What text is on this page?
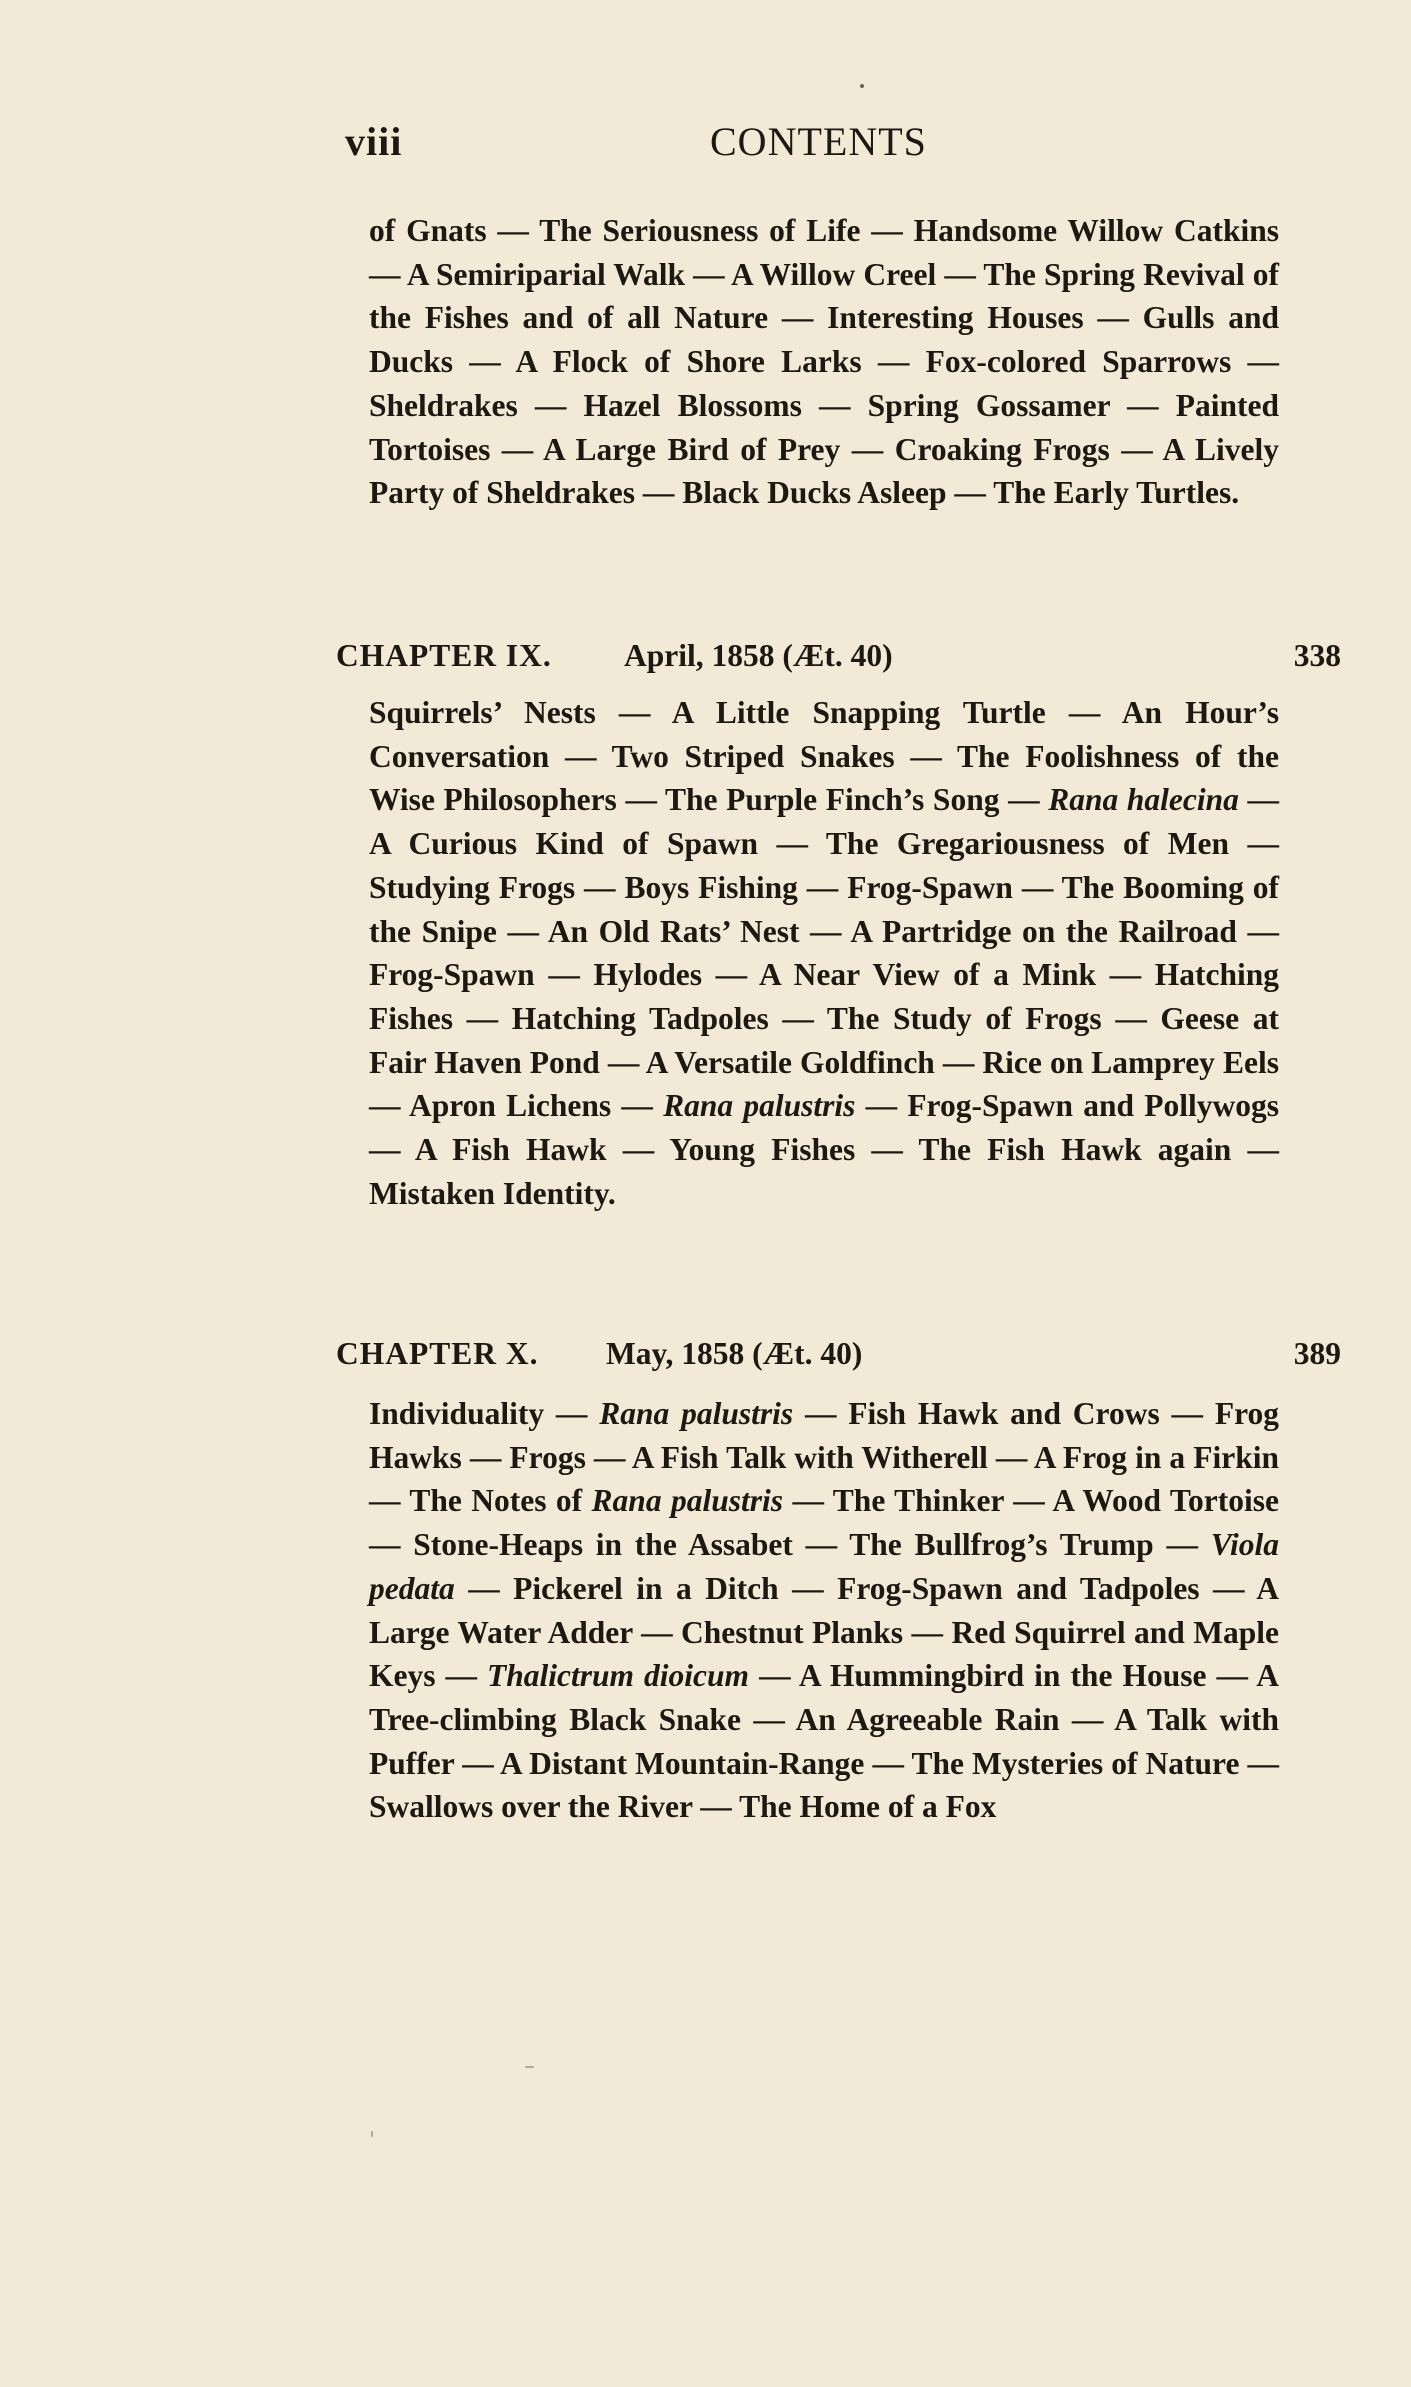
viii	CONTENTS
of Gnats — The Seriousness of Life — Handsome Willow Catkins — A Semiriparial Walk — A Willow Creel — The Spring Revival of the Fishes and of all Nature — Interesting Houses — Gulls and Ducks — A Flock of Shore Larks — Fox-colored Sparrows — Sheldrakes — Hazel Blossoms — Spring Gossamer — Painted Tortoises — A Large Bird of Prey — Croaking Frogs — A Lively Party of Sheldrakes — Black Ducks Asleep — The Early Turtles.
CHAPTER IX. April, 1858 (Æt. 40)	338
Squirrels’ Nests — A Little Snapping Turtle — An Hour’s Conversation — Two Striped Snakes — The Foolishness of the Wise Philosophers — The Purple Finch’s Song — Rana halecina — A Curious Kind of Spawn — The Gregariousness of Men — Studying Frogs — Boys Fishing — Frog-Spawn — The Booming of the Snipe — An Old Rats’ Nest — A Partridge on the Railroad — Frog-Spawn — Hylodes — A Near View of a Mink — Hatching Fishes — Hatching Tadpoles — The Study of Frogs — Geese at Fair Haven Pond — A Versatile Goldfinch — Rice on Lamprey Eels — Apron Lichens — Rana palustris — Frog-Spawn and Pollywogs — A Fish Hawk — Young Fishes — The Fish Hawk again — Mistaken Identity.
CHAPTER X. May, 1858 (Æt. 40)	389
Individuality — Rana palustris — Fish Hawk and Crows — Frog Hawks — Frogs — A Fish Talk with Witherell — A Frog in a Firkin — The Notes of Rana palustris — The Thinker — A Wood Tortoise — Stone-Heaps in the Assabet — The Bullfrog’s Trump — Viola pedata — Pickerel in a Ditch — Frog-Spawn and Tadpoles — A Large Water Adder — Chestnut Planks — Red Squirrel and Maple Keys — Thalictrum dioicum — A Hummingbird in the House — A Tree-climbing Black Snake — An Agreeable Rain — A Talk with Puffer — A Distant Mountain-Range — The Mysteries of Nature — Swallows over the River — The Home of a Fox
